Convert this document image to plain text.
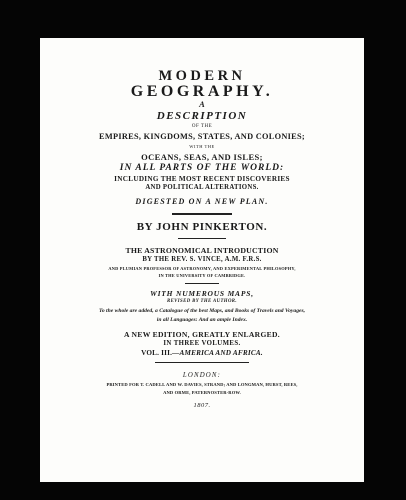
MODERN
GEOGRAPHY.
A
DESCRIPTION
OF THE
EMPIRES, KINGDOMS, STATES, AND COLONIES;
WITH THE
OCEANS, SEAS, AND ISLES;
IN ALL PARTS OF THE WORLD:
INCLUDING THE MOST RECENT DISCOVERIES
AND POLITICAL ALTERATIONS.
DIGESTED ON A NEW PLAN.
BY JOHN PINKERTON.
THE ASTRONOMICAL INTRODUCTION
BY THE REV. S. VINCE, A.M. F.R.S.
AND PLUMIAN PROFESSOR OF ASTRONOMY, AND EXPERIMENTAL PHILOSOPHY,
IN THE UNIVERSITY OF CAMBRIDGE.
WITH NUMEROUS MAPS,
REVISED BY THE AUTHOR.
To the whole are added, a Catalogue of the best Maps, and Books of Travels and Voyages,
in all Languages: And an ample Index.
A NEW EDITION, GREATLY ENLARGED.
IN THREE VOLUMES.
VOL. III.—AMERICA AND AFRICA.
LONDON:
PRINTED FOR T. CADELL AND W. DAVIES, STRAND; AND LONGMAN, HURST, REES,
AND ORME, PATERNOSTER-ROW.
1807.
